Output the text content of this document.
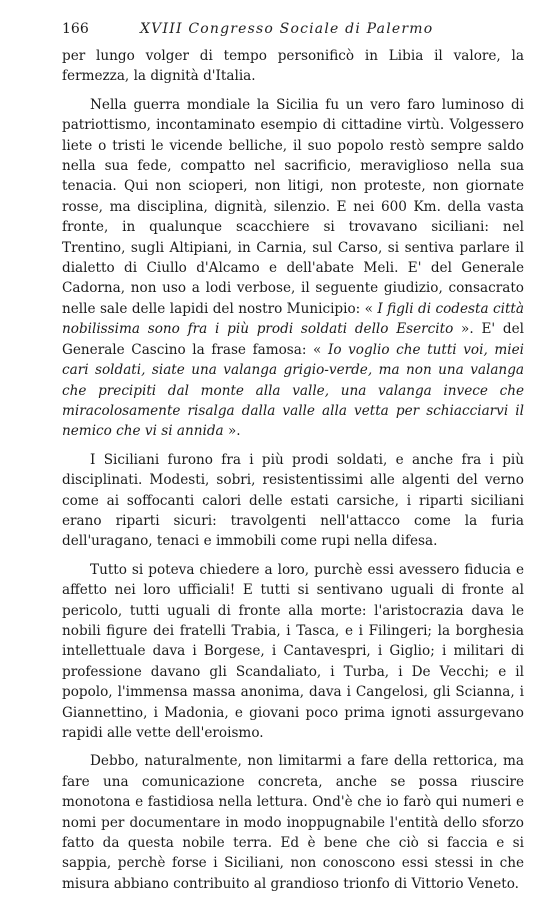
166	XVIII Congresso Sociale di Palermo

per lungo volger di tempo personificò in Libia il valore, la fermezza, la dignità d'Italia.

Nella guerra mondiale la Sicilia fu un vero faro luminoso di patriottismo, incontaminato esempio di cittadine virtù. Volgessero liete o tristi le vicende belliche, il suo popolo restò sempre saldo nella sua fede, compatto nel sacrificio, meraviglioso nella sua tenacia. Qui non scioperi, non litigi, non proteste, non giornate rosse, ma disciplina, dignità, silenzio. E nei 600 Km. della vasta fronte, in qualunque scacchiere si trovavano siciliani: nel Trentino, sugli Altipiani, in Carnia, sul Carso, si sentiva parlare il dialetto di Ciullo d'Alcamo e dell'abate Meli. E' del Generale Cadorna, non uso a lodi verbose, il seguente giudizio, consacrato nelle sale delle lapidi del nostro Municipio: « I figli di codesta città nobilissima sono fra i più prodi soldati dello Esercito ». E' del Generale Cascino la frase famosa: « Io voglio che tutti voi, miei cari soldati, siate una valanga grigio-verde, ma non una valanga che precipiti dal monte alla valle, una valanga invece che miracolosamente risalga dalla valle alla vetta per schiacciarvi il nemico che vi si annida ».

I Siciliani furono fra i più prodi soldati, e anche fra i più disciplinati. Modesti, sobri, resistentissimi alle algenti del verno come ai soffocanti calori delle estati carsiche, i riparti siciliani erano riparti sicuri: travolgenti nell'attacco come la furia dell'uragano, tenaci e immobili come rupi nella difesa.

Tutto si poteva chiedere a loro, purchè essi avessero fiducia e affetto nei loro ufficiali! E tutti si sentivano uguali di fronte al pericolo, tutti uguali di fronte alla morte: l'aristocrazia dava le nobili figure dei fratelli Trabia, i Tasca, e i Filingeri; la borghesia intellettuale dava i Borgese, i Cantavespri, i Giglio; i militari di professione davano gli Scandaliato, i Turba, i De Vecchi; e il popolo, l'immensa massa anonima, dava i Cangelosi, gli Scianna, i Giannettino, i Madonia, e giovani poco prima ignoti assurgevano rapidi alle vette dell'eroismo.

Debbo, naturalmente, non limitarmi a fare della rettorica, ma fare una comunicazione concreta, anche se possa riuscire monotona e fastidiosa nella lettura. Ond'è che io farò qui numeri e nomi per documentare in modo inoppugnabile l'entità dello sforzo fatto da questa nobile terra. Ed è bene che ciò si faccia e si sappia, perchè forse i Siciliani, non conoscono essi stessi in che misura abbiano contribuito al grandioso trionfo di Vittorio Veneto.
